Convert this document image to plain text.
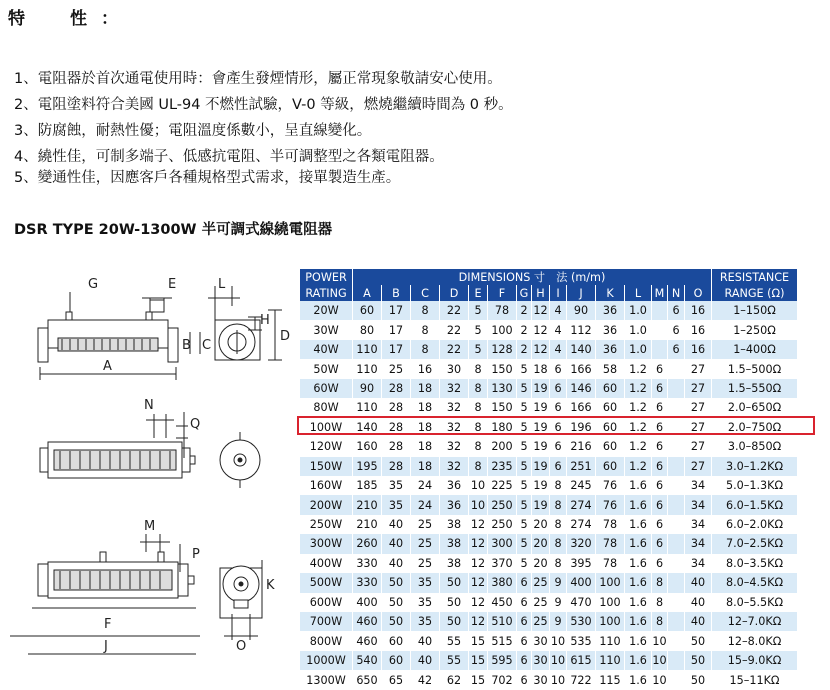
特　性：
1、電阻器於首次通電使用時：會產生發煙情形，屬正常現象敬請安心使用。
2、電阻塗料符合美國 UL-94 不燃性試驗，V-0 等級，燃燒繼續時間為 0 秒。
3、防腐蝕，耐熱性優；電阻溫度係數小，呈直線變化。
4、繞性佳，可制多端子、低感抗電阻、半可調整型之各類電阻器。
5、變通性佳，因應客戶各種規格型式需求，接單製造生產。
DSR TYPE 20W-1300W 半可調式線繞電阻器
G	E	L
H
D
B C
A
N
Q
M
P
K
F
J	O
POWER	DIMENSIONS 寸　法 (m/m)															RESISTANCE
RATING	A	B	C	D	E	F	G	H	I	J	K	L	M	N	O	RANGE (Ω)
20W	60	17	8	22	5	78	2	12	4	90	36	1.0		6	16	1–150Ω
30W	80	17	8	22	5	100	2	12	4	112	36	1.0		6	16	1–250Ω
40W	110	17	8	22	5	128	2	12	4	140	36	1.0		6	16	1–400Ω
50W	110	25	16	30	8	150	5	18	6	166	58	1.2	6		27	1.5–500Ω
60W	90	28	18	32	8	130	5	19	6	146	60	1.2	6		27	1.5–550Ω
80W	110	28	18	32	8	150	5	19	6	166	60	1.2	6		27	2.0–650Ω
100W	140	28	18	32	8	180	5	19	6	196	60	1.2	6		27	2.0–750Ω
120W	160	28	18	32	8	200	5	19	6	216	60	1.2	6		27	3.0–850Ω
150W	195	28	18	32	8	235	5	19	6	251	60	1.2	6		27	3.0–1.2KΩ
160W	185	35	24	36	10	225	5	19	8	245	76	1.6	6		34	5.0–1.3KΩ
200W	210	35	24	36	10	250	5	19	8	274	76	1.6	6		34	6.0–1.5KΩ
250W	210	40	25	38	12	250	5	20	8	274	78	1.6	6		34	6.0–2.0KΩ
300W	260	40	25	38	12	300	5	20	8	320	78	1.6	6		34	7.0–2.5KΩ
400W	330	40	25	38	12	370	5	20	8	395	78	1.6	6		34	8.0–3.5KΩ
500W	330	50	35	50	12	380	6	25	9	400	100	1.6	8		40	8.0–4.5KΩ
600W	400	50	35	50	12	450	6	25	9	470	100	1.6	8		40	8.0–5.5KΩ
700W	460	50	35	50	12	510	6	25	9	530	100	1.6	8		40	12–7.0KΩ
800W	460	60	40	55	15	515	6	30	10	535	110	1.6	10		50	12–8.0KΩ
1000W	540	60	40	55	15	595	6	30	10	615	110	1.6	10		50	15–9.0KΩ
1300W	650	65	42	62	15	702	6	30	10	722	115	1.6	10		50	15–11KΩ
